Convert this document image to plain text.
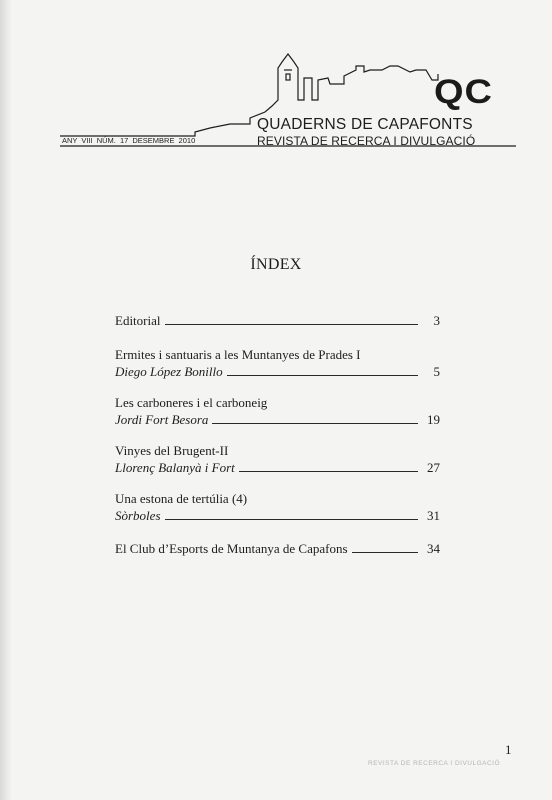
QC
QUADERNS DE CAPAFONTS
REVISTA DE RECERCA I DIVULGACIÓ
ANY VIII NÚM. 17 DESEMBRE 2010
ÍNDEX
Editorial	3
Ermites i santuaris a les Muntanyes de Prades I
Diego López Bonillo	5
Les carboneres i el carboneig
Jordi Fort Besora	19
Vinyes del Brugent-II
Llorenç Balanyà i Fort	27
Una estona de tertúlia (4)
Sòrboles	31
El Club d’Esports de Muntanya de Capafons	34
1
REVISTA DE RECERCA I DIVULGACIÓ
